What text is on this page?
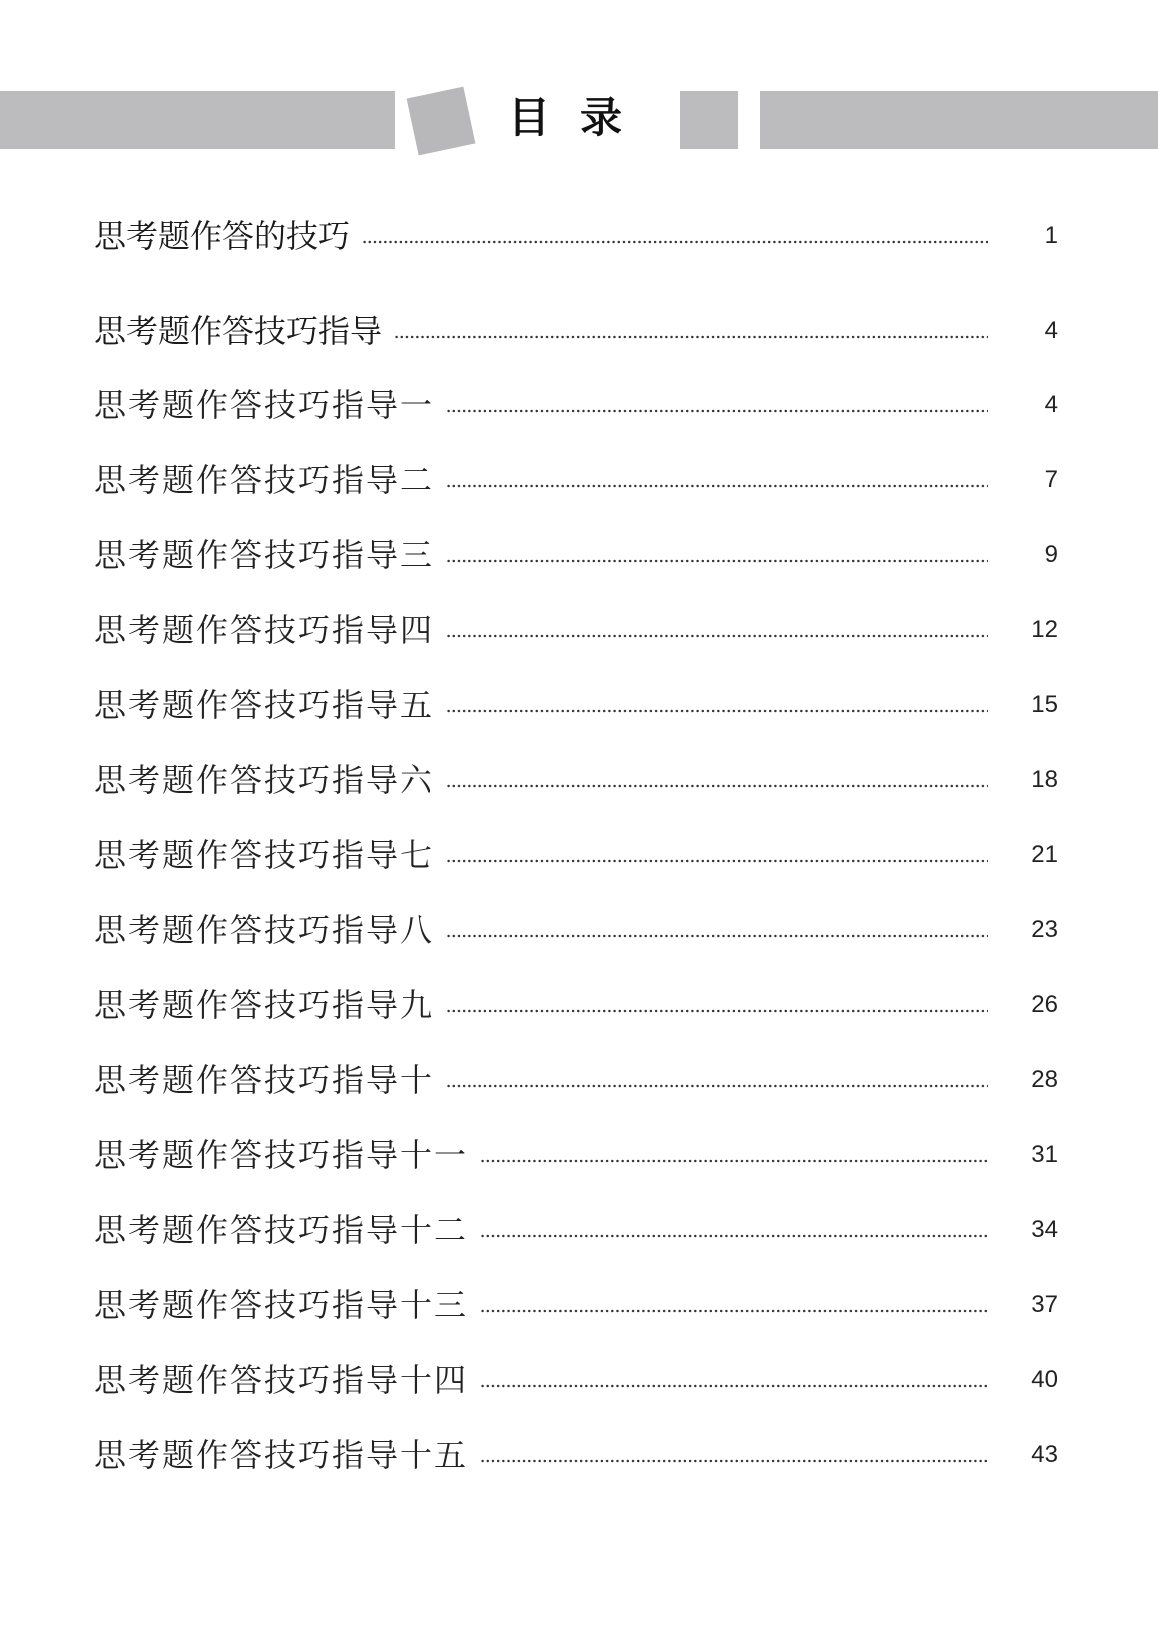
目录
思考题作答的技巧	1
思考题作答技巧指导	4
思考题作答技巧指导一	4
思考题作答技巧指导二	7
思考题作答技巧指导三	9
思考题作答技巧指导四	12
思考题作答技巧指导五	15
思考题作答技巧指导六	18
思考题作答技巧指导七	21
思考题作答技巧指导八	23
思考题作答技巧指导九	26
思考题作答技巧指导十	28
思考题作答技巧指导十一	31
思考题作答技巧指导十二	34
思考题作答技巧指导十三	37
思考题作答技巧指导十四	40
思考题作答技巧指导十五	43
